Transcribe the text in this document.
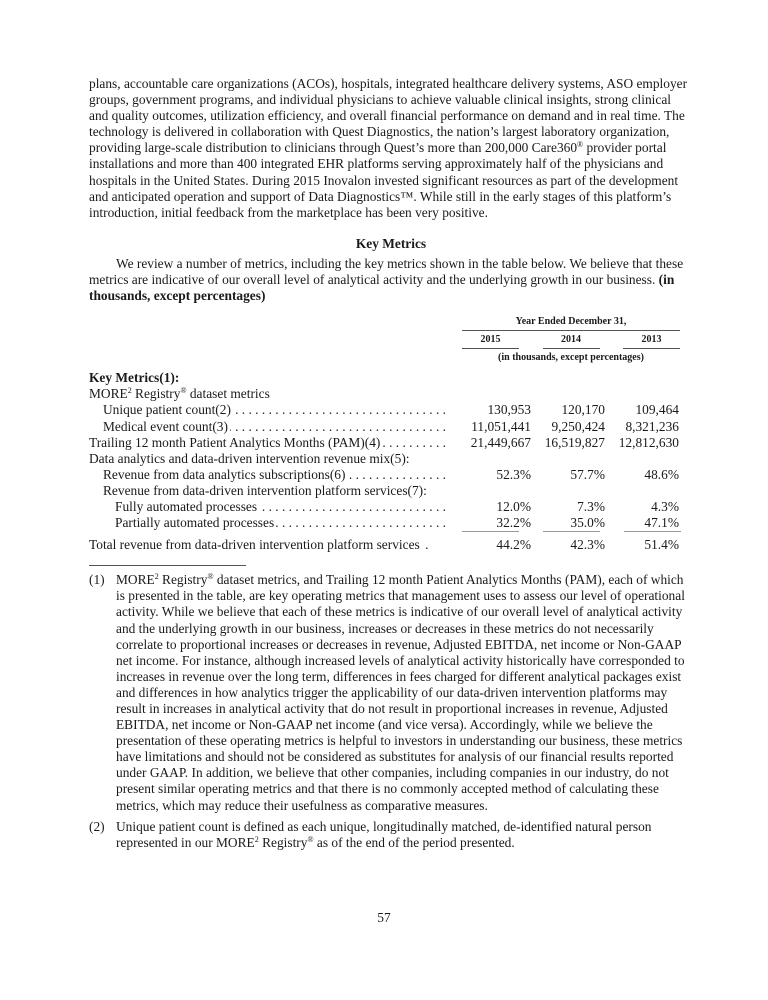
plans, accountable care organizations (ACOs), hospitals, integrated healthcare delivery systems, ASO employer groups, government programs, and individual physicians to achieve valuable clinical insights, strong clinical and quality outcomes, utilization efficiency, and overall financial performance on demand and in real time. The technology is delivered in collaboration with Quest Diagnostics, the nation’s largest laboratory organization, providing large-scale distribution to clinicians through Quest’s more than 200,000 Care360® provider portal installations and more than 400 integrated EHR platforms serving approximately half of the physicians and hospitals in the United States. During 2015 Inovalon invested significant resources as part of the development and anticipated operation and support of Data Diagnostics™. While still in the early stages of this platform’s introduction, initial feedback from the marketplace has been very positive.

Key Metrics

We review a number of metrics, including the key metrics shown in the table below. We believe that these metrics are indicative of our overall level of analytical activity and the underlying growth in our business. (in thousands, except percentages)

Year Ended December 31,
2015	2014	2013
(in thousands, except percentages)
Key Metrics(1):
MORE$^2$ Registry® dataset metrics
Unique patient count(2) . . .	130,953	120,170	109,464
Medical event count(3) . . .	11,051,441	9,250,424	8,321,236
Trailing 12 month Patient Analytics Months (PAM)(4) . . .	21,449,667	16,519,827	12,812,630
Data analytics and data-driven intervention revenue mix(5):
Revenue from data analytics subscriptions(6) . . .	52.3%	57.7%	48.6%
Revenue from data-driven intervention platform services(7):
Fully automated processes . . .	12.0%	7.3%	4.3%
Partially automated processes . . .	32.2%	35.0%	47.1%
Total revenue from data-driven intervention platform services .	44.2%	42.3%	51.4%
(1) MORE$^2$ Registry® dataset metrics, and Trailing 12 month Patient Analytics Months (PAM), each of which is presented in the table, are key operating metrics that management uses to assess our level of operational activity. While we believe that each of these metrics is indicative of our overall level of analytical activity and the underlying growth in our business, increases or decreases in these metrics do not necessarily correlate to proportional increases or decreases in revenue, Adjusted EBITDA, net income or Non-GAAP net income. For instance, although increased levels of analytical activity historically have corresponded to increases in revenue over the long term, differences in fees charged for different analytical packages exist and differences in how analytics trigger the applicability of our data-driven intervention platforms may result in increases in analytical activity that do not result in proportional increases in revenue, Adjusted EBITDA, net income or Non-GAAP net income (and vice versa). Accordingly, while we believe the presentation of these operating metrics is helpful to investors in understanding our business, these metrics have limitations and should not be considered as substitutes for analysis of our financial results reported under GAAP. In addition, we believe that other companies, including companies in our industry, do not present similar operating metrics and that there is no commonly accepted method of calculating these metrics, which may reduce their usefulness as comparative measures.
(2) Unique patient count is defined as each unique, longitudinally matched, de-identified natural person represented in our MORE$^2$ Registry® as of the end of the period presented.
57
